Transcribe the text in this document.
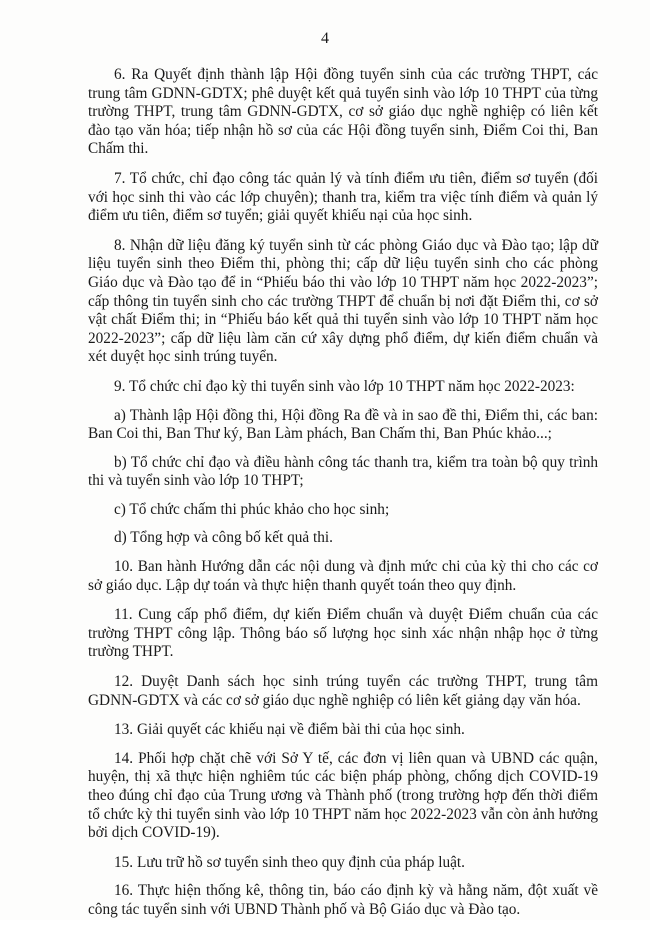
4

6. Ra Quyết định thành lập Hội đồng tuyển sinh của các trường THPT, các trung tâm GDNN-GDTX; phê duyệt kết quả tuyển sinh vào lớp 10 THPT của từng trường THPT, trung tâm GDNN-GDTX, cơ sở giáo dục nghề nghiệp có liên kết đào tạo văn hóa; tiếp nhận hồ sơ của các Hội đồng tuyển sinh, Điểm Coi thi, Ban Chấm thi.

7. Tổ chức, chỉ đạo công tác quản lý và tính điểm ưu tiên, điểm sơ tuyển (đối với học sinh thi vào các lớp chuyên); thanh tra, kiểm tra việc tính điểm và quản lý điểm ưu tiên, điểm sơ tuyển; giải quyết khiếu nại của học sinh.

8. Nhận dữ liệu đăng ký tuyển sinh từ các phòng Giáo dục và Đào tạo; lập dữ liệu tuyển sinh theo Điểm thi, phòng thi; cấp dữ liệu tuyển sinh cho các phòng Giáo dục và Đào tạo để in “Phiếu báo thi vào lớp 10 THPT năm học 2022-2023”; cấp thông tin tuyển sinh cho các trường THPT để chuẩn bị nơi đặt Điểm thi, cơ sở vật chất Điểm thi; in “Phiếu báo kết quả thi tuyển sinh vào lớp 10 THPT năm học 2022-2023”; cấp dữ liệu làm căn cứ xây dựng phổ điểm, dự kiến điểm chuẩn và xét duyệt học sinh trúng tuyển.

9. Tổ chức chỉ đạo kỳ thi tuyển sinh vào lớp 10 THPT năm học 2022-2023:

a) Thành lập Hội đồng thi, Hội đồng Ra đề và in sao đề thi, Điểm thi, các ban: Ban Coi thi, Ban Thư ký, Ban Làm phách, Ban Chấm thi, Ban Phúc khảo...;

b) Tổ chức chỉ đạo và điều hành công tác thanh tra, kiểm tra toàn bộ quy trình thi và tuyển sinh vào lớp 10 THPT;

c) Tổ chức chấm thi phúc khảo cho học sinh;

d) Tổng hợp và công bố kết quả thi.

10. Ban hành Hướng dẫn các nội dung và định mức chi của kỳ thi cho các cơ sở giáo dục. Lập dự toán và thực hiện thanh quyết toán theo quy định.

11. Cung cấp phổ điểm, dự kiến Điểm chuẩn và duyệt Điểm chuẩn của các trường THPT công lập. Thông báo số lượng học sinh xác nhận nhập học ở từng trường THPT.

12. Duyệt Danh sách học sinh trúng tuyển các trường THPT, trung tâm GDNN-GDTX và các cơ sở giáo dục nghề nghiệp có liên kết giảng dạy văn hóa.

13. Giải quyết các khiếu nại về điểm bài thi của học sinh.

14. Phối hợp chặt chẽ với Sở Y tế, các đơn vị liên quan và UBND các quận, huyện, thị xã thực hiện nghiêm túc các biện pháp phòng, chống dịch COVID-19 theo đúng chỉ đạo của Trung ương và Thành phố (trong trường hợp đến thời điểm tổ chức kỳ thi tuyển sinh vào lớp 10 THPT năm học 2022-2023 vẫn còn ảnh hưởng bởi dịch COVID-19).

15. Lưu trữ hồ sơ tuyển sinh theo quy định của pháp luật.

16. Thực hiện thống kê, thông tin, báo cáo định kỳ và hằng năm, đột xuất về công tác tuyển sinh với UBND Thành phố và Bộ Giáo dục và Đào tạo.
